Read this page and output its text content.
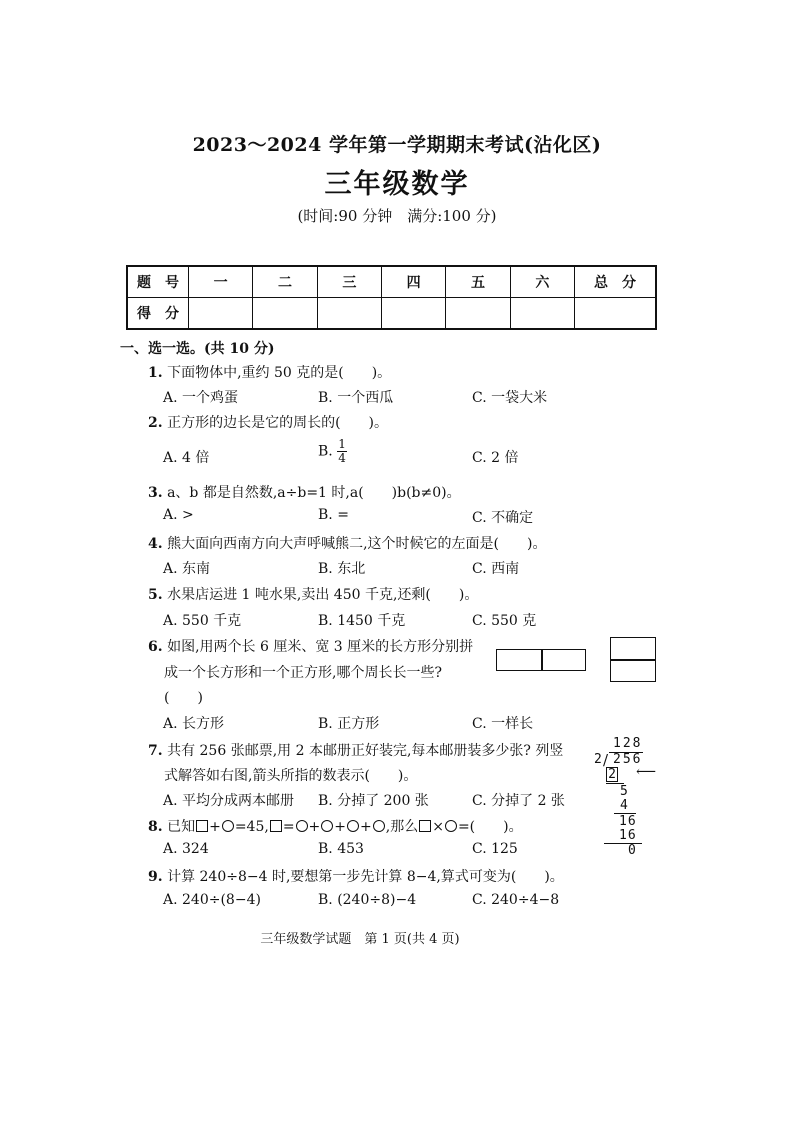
2023～2024 学年第一学期期末考试(沾化区)
三年级数学
(时间:90 分钟　满分:100 分)
题　号	一	二	三	四	五	六	总　分
得　分							
一、选一选。(共 10 分)
1. 下面物体中,重约 50 克的是(　　)。
A. 一个鸡蛋	B. 一个西瓜	C. 一袋大米
2. 正方形的边长是它的周长的(　　)。
A. 4 倍	B. $\frac{1}{4}$	C. 2 倍
3. a、b 都是自然数,a÷b=1 时,a(　　)b(b≠0)。
A. >	B. =	C. 不确定
4. 熊大面向西南方向大声呼喊熊二,这个时候它的左面是(　　)。
A. 东南	B. 东北	C. 西南
5. 水果店运进 1 吨水果,卖出 450 千克,还剩(　　)。
A. 550 千克	B. 1450 千克	C. 550 克
6. 如图,用两个长 6 厘米、宽 3 厘米的长方形分别拼
成一个长方形和一个正方形,哪个周长长一些?
(　　)
A. 长方形	B. 正方形	C. 一样长
7. 共有 256 张邮票,用 2 本邮册正好装完,每本邮册装多少张? 列竖
式解答如右图,箭头所指的数表示(　　)。
A. 平均分成两本邮册 B. 分掉了 200 张	C. 分掉了 2 张
128
2 / 256
2 ⟵
5
4
16
16
0
8. 已知 + =45, = + + + ,那么 × =(　　)。
A. 324	B. 453	C. 125
9. 计算 240÷8−4 时,要想第一步先计算 8−4,算式可变为(　　)。
A. 240÷(8−4)	B. (240÷8)−4	C. 240÷4−8
三年级数学试题　第 1 页(共 4 页)
